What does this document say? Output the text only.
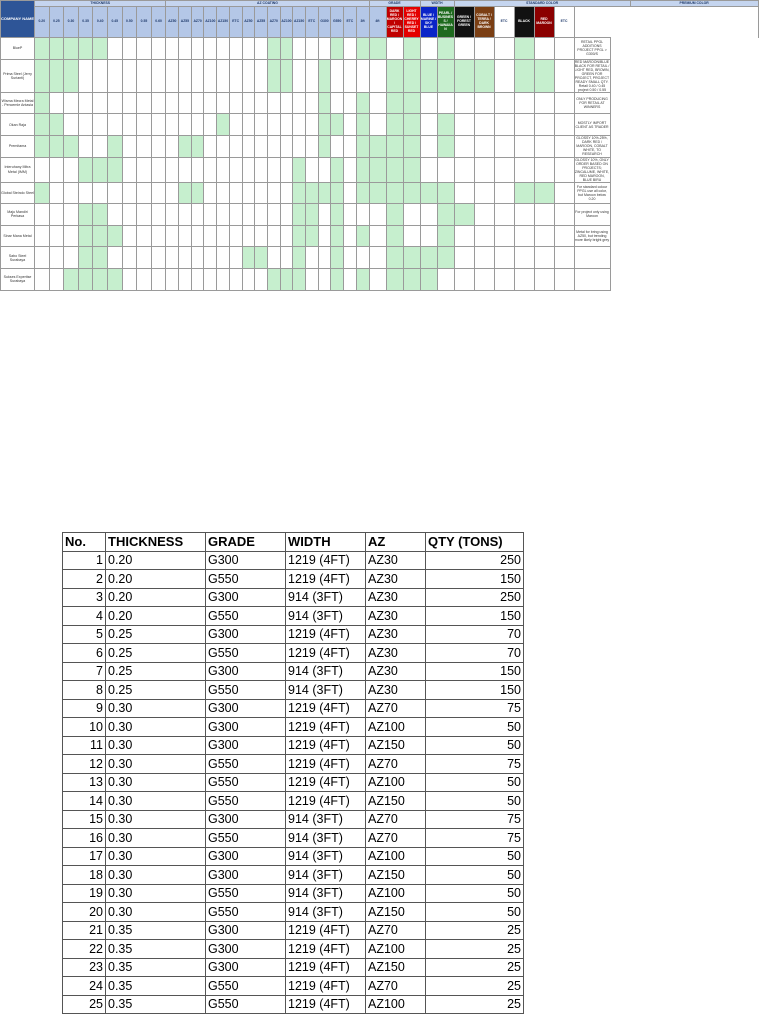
COMPANY NAME	THICKNESS									AZ COATING																GRADE			WIDTH		STANDARD COLOR							PREMIUM COLOR	
	0.20	0.25	0.30	0.35	0.40	0.45	0.50	0.55	0.60	AZ50	AZ55	AZ70	AZ100	AZ150	ETC	AZ50	AZ55	AZ70	AZ100	AZ150	ETC	G300	G550	ETC	3ft	4ft	DARK RED / MAROON / CAPITAL RED	LIGHT RED / CHERRY RED / SUNSET RED	BLUE / MARINE / SKY BLUE	PEARL / BUSINESS / HAWAIIAN	GREEN / FOREST GREEN	COBALT / TERRA / DARK BROWN	ETC	BLACK	RED MAROON	ETC			
BlueP																																					RETAIL PPGL ADDITIONS PROJECT PPGL > G300/S		
Prima Steel (Jerry Surianti)																																					RED MAROON/BLUE BLACK FOR RETAIL / LIGHT RED, BROWN, GREEN FOR PROJECT, PROJECT READY SMALL QTY. Retail 0.40 / 0.45 project 0.50 / 0.55		
Wisma Mecra Metal - Pencemle Antasia																																					ONLY PRODUCING FOR RETAIL AT WINNERS		
Okan Raja																																					MOSTLY IMPORT CLIENT AS TRADER		
Premitama																																					GLOSSY 10%-25%, DARK RED / MAROON, COBALT WHITE, TO RESEARCH		
Interuhany Mitra Metal (IMM)																																					GLOSSY 10%, ONLY ORDER BASED ON PROJECTS; ZINCALUME, WHITE, RED MAROON, BLUE BIRU		
Global Steindo Steel																																					For standard colour PPGL use all color, but Maroon below 0.20		
Maju Mandiri Perkasa																																					For project only using Maroon		
Sinar Mana Metal																																					Metal for bring using AZ50, but trending more likely bright grey		
Sabo Steel Surabaya																																							
Sukses Expertise Surabaya																																							
No.	THICKNESS	GRADE	WIDTH	AZ	QTY (TONS)
1	0.20	G300	1219 (4FT)	AZ30	250
2	0.20	G550	1219 (4FT)	AZ30	150
3	0.20	G300	914 (3FT)	AZ30	250
4	0.20	G550	914 (3FT)	AZ30	150
5	0.25	G300	1219 (4FT)	AZ30	70
6	0.25	G550	1219 (4FT)	AZ30	70
7	0.25	G300	914 (3FT)	AZ30	150
8	0.25	G550	914 (3FT)	AZ30	150
9	0.30	G300	1219 (4FT)	AZ70	75
10	0.30	G300	1219 (4FT)	AZ100	50
11	0.30	G300	1219 (4FT)	AZ150	50
12	0.30	G550	1219 (4FT)	AZ70	75
13	0.30	G550	1219 (4FT)	AZ100	50
14	0.30	G550	1219 (4FT)	AZ150	50
15	0.30	G300	914 (3FT)	AZ70	75
16	0.30	G550	914 (3FT)	AZ70	75
17	0.30	G300	914 (3FT)	AZ100	50
18	0.30	G300	914 (3FT)	AZ150	50
19	0.30	G550	914 (3FT)	AZ100	50
20	0.30	G550	914 (3FT)	AZ150	50
21	0.35	G300	1219 (4FT)	AZ70	25
22	0.35	G300	1219 (4FT)	AZ100	25
23	0.35	G300	1219 (4FT)	AZ150	25
24	0.35	G550	1219 (4FT)	AZ70	25
25	0.35	G550	1219 (4FT)	AZ100	25
